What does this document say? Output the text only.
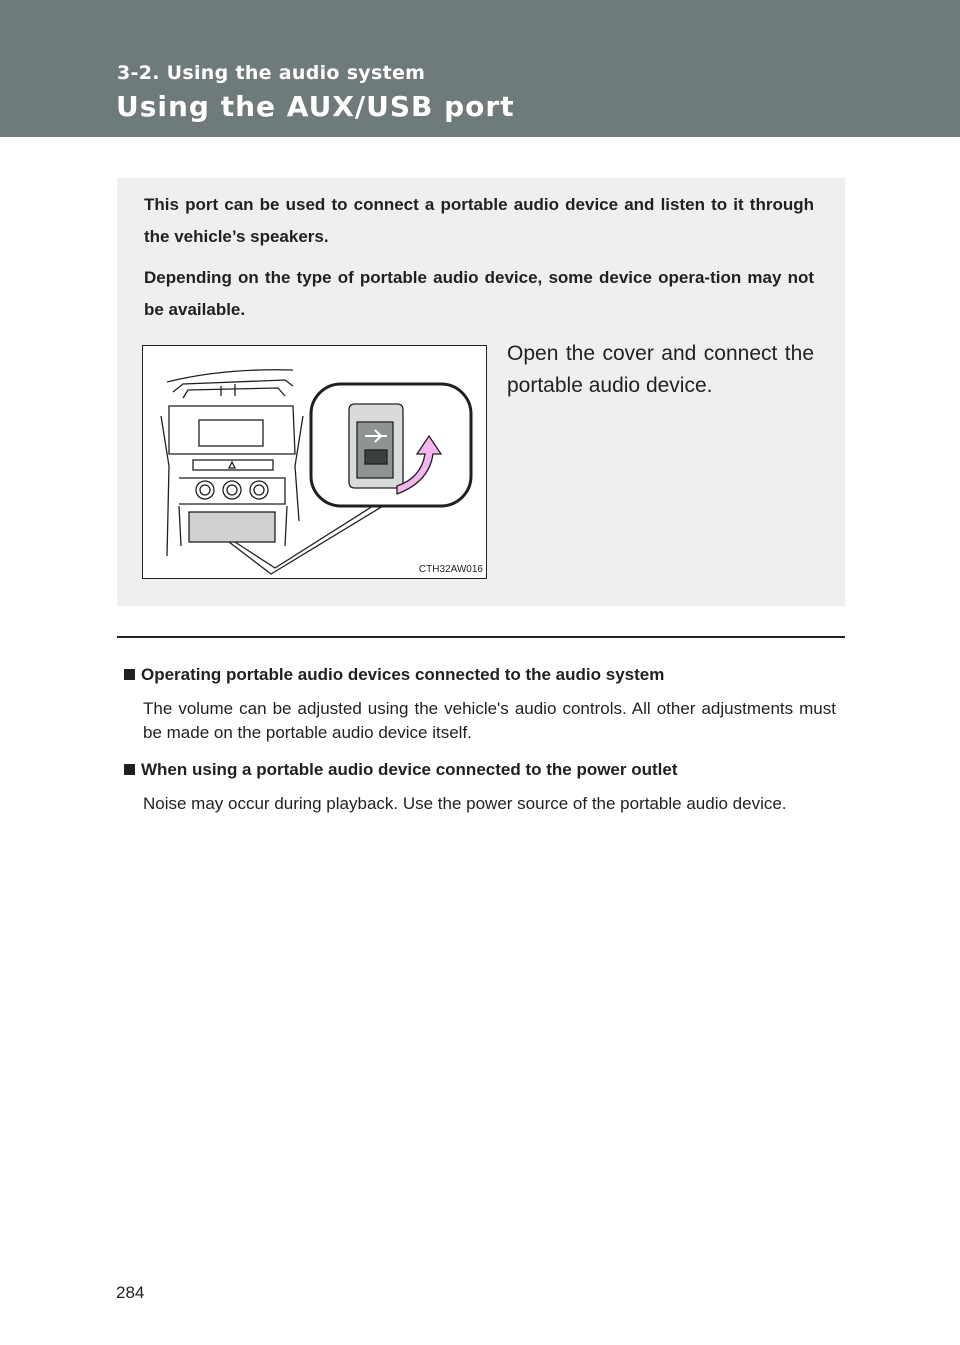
3-2. Using the audio system
Using the AUX/USB port

This port can be used to connect a portable audio device and listen to it through the vehicle’s speakers.

Depending on the type of portable audio device, some device opera-tion may not be available.

CTH32AW016

Open the cover and connect the portable audio device.

Operating portable audio devices connected to the audio system

The volume can be adjusted using the vehicle's audio controls. All other adjustments must be made on the portable audio device itself.

When using a portable audio device connected to the power outlet

Noise may occur during playback. Use the power source of the portable audio device.

284
